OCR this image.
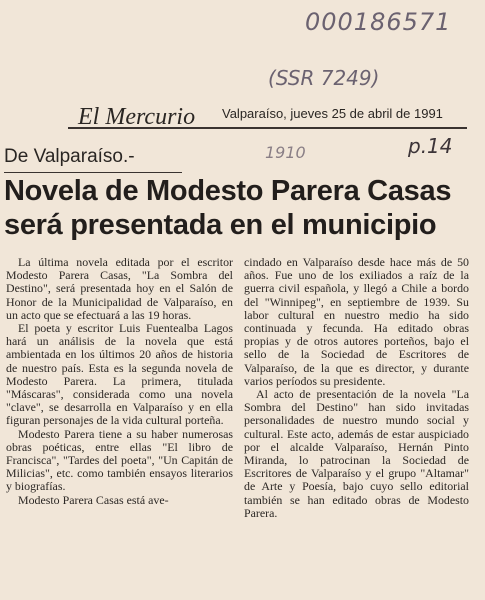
000186571
(SSR 7249)
1910	p.14
El Mercurio Valparaíso, jueves 25 de abril de 1991
De Valparaíso.-
Novela de Modesto Parera Casas
será presentada en el municipio

La última novela editada por el escritor Modesto Parera Casas, "La Sombra del Destino", será presentada hoy en el Salón de Honor de la Municipalidad de Valparaíso, en un acto que se efectuará a las 19 horas.

El poeta y escritor Luis Fuentealba Lagos hará un análisis de la novela que está ambientada en los últimos 20 años de historia de nuestro país. Esta es la segunda novela de Modesto Parera. La primera, titulada "Máscaras", considerada como una novela "clave", se desarrolla en Valparaíso y en ella figuran personajes de la vida cultural porteña.

Modesto Parera tiene a su haber numerosas obras poéticas, entre ellas "El libro de Francisca", "Tardes del poeta", "Un Capitán de Milicias", etc. como también ensayos literarios y biografías.

Modesto Parera Casas está ave-

cindado en Valparaíso desde hace más de 50 años. Fue uno de los exiliados a raíz de la guerra civil española, y llegó a Chile a bordo del "Winnipeg", en septiembre de 1939. Su labor cultural en nuestro medio ha sido continuada y fecunda. Ha editado obras propias y de otros autores porteños, bajo el sello de la Sociedad de Escritores de Valparaíso, de la que es director, y durante varios períodos su presidente.

Al acto de presentación de la novela "La Sombra del Destino" han sido invitadas personalidades de nuestro mundo social y cultural. Este acto, además de estar auspiciado por el alcalde Valparaíso, Hernán Pinto Miranda, lo patrocinan la Sociedad de Escritores de Valparaíso y el grupo "Altamar" de Arte y Poesía, bajo cuyo sello editorial también se han editado obras de Modesto Parera.
